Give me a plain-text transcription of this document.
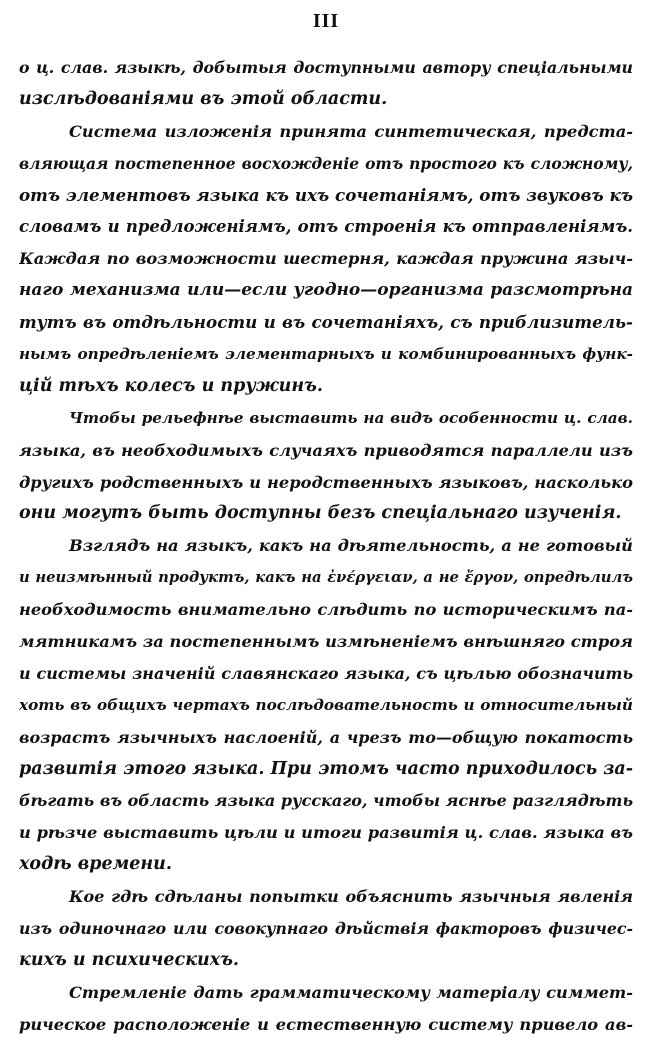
III
о ц. слав. языкѣ, добытыя доступными автору спеціальными
изслѣдованіями въ этой области.
Система изложенія принята синтетическая, предста-
вляющая постепенное восхожденіе отъ простого къ сложному,
отъ элементовъ языка къ ихъ сочетаніямъ, отъ звуковъ къ
словамъ и предложеніямъ, отъ строенія къ отправленіямъ.
Каждая по возможности шестерня, каждая пружина языч-
наго механизма или—если угодно—организма разсмотрѣна
тутъ въ отдѣльности и въ сочетаніяхъ, съ приблизитель-
нымъ опредѣленіемъ элементарныхъ и комбинированныхъ функ-
цій тѣхъ колесъ и пружинъ.
Чтобы рельефнѣе выставить на видъ особенности ц. слав.
языка, въ необходимыхъ случаяхъ приводятся параллели изъ
другихъ родственныхъ и неродственныхъ языковъ, насколько
они могутъ быть доступны безъ спеціальнаго изученія.
Взглядъ на языкъ, какъ на дѣятельность, а не готовый
и неизмѣнный продуктъ, какъ на ἐνέργειαν, а не ἔργον, опредѣлилъ
необходимость внимательно слѣдить по историческимъ па-
мятникамъ за постепеннымъ измѣненіемъ внѣшняго строя
и системы значеній славянскаго языка, съ цѣлью обозначить
хоть въ общихъ чертахъ послѣдовательность и относительный
возрастъ язычныхъ наслоеній, а чрезъ то—общую покатость
развитія этого языка. При этомъ часто приходилось за-
бѣгать въ область языка русскаго, чтобы яснѣе разглядѣть
и рѣзче выставить цѣли и итоги развитія ц. слав. языка въ
ходѣ времени.
Кое гдѣ сдѣланы попытки объяснить язычныя явленія
изъ одиночнаго или совокупнаго дѣйствія факторовъ физичес-
кихъ и психическихъ.
Стремленіе дать грамматическому матеріалу симмет-
рическое расположеніе и естественную систему привело ав-
